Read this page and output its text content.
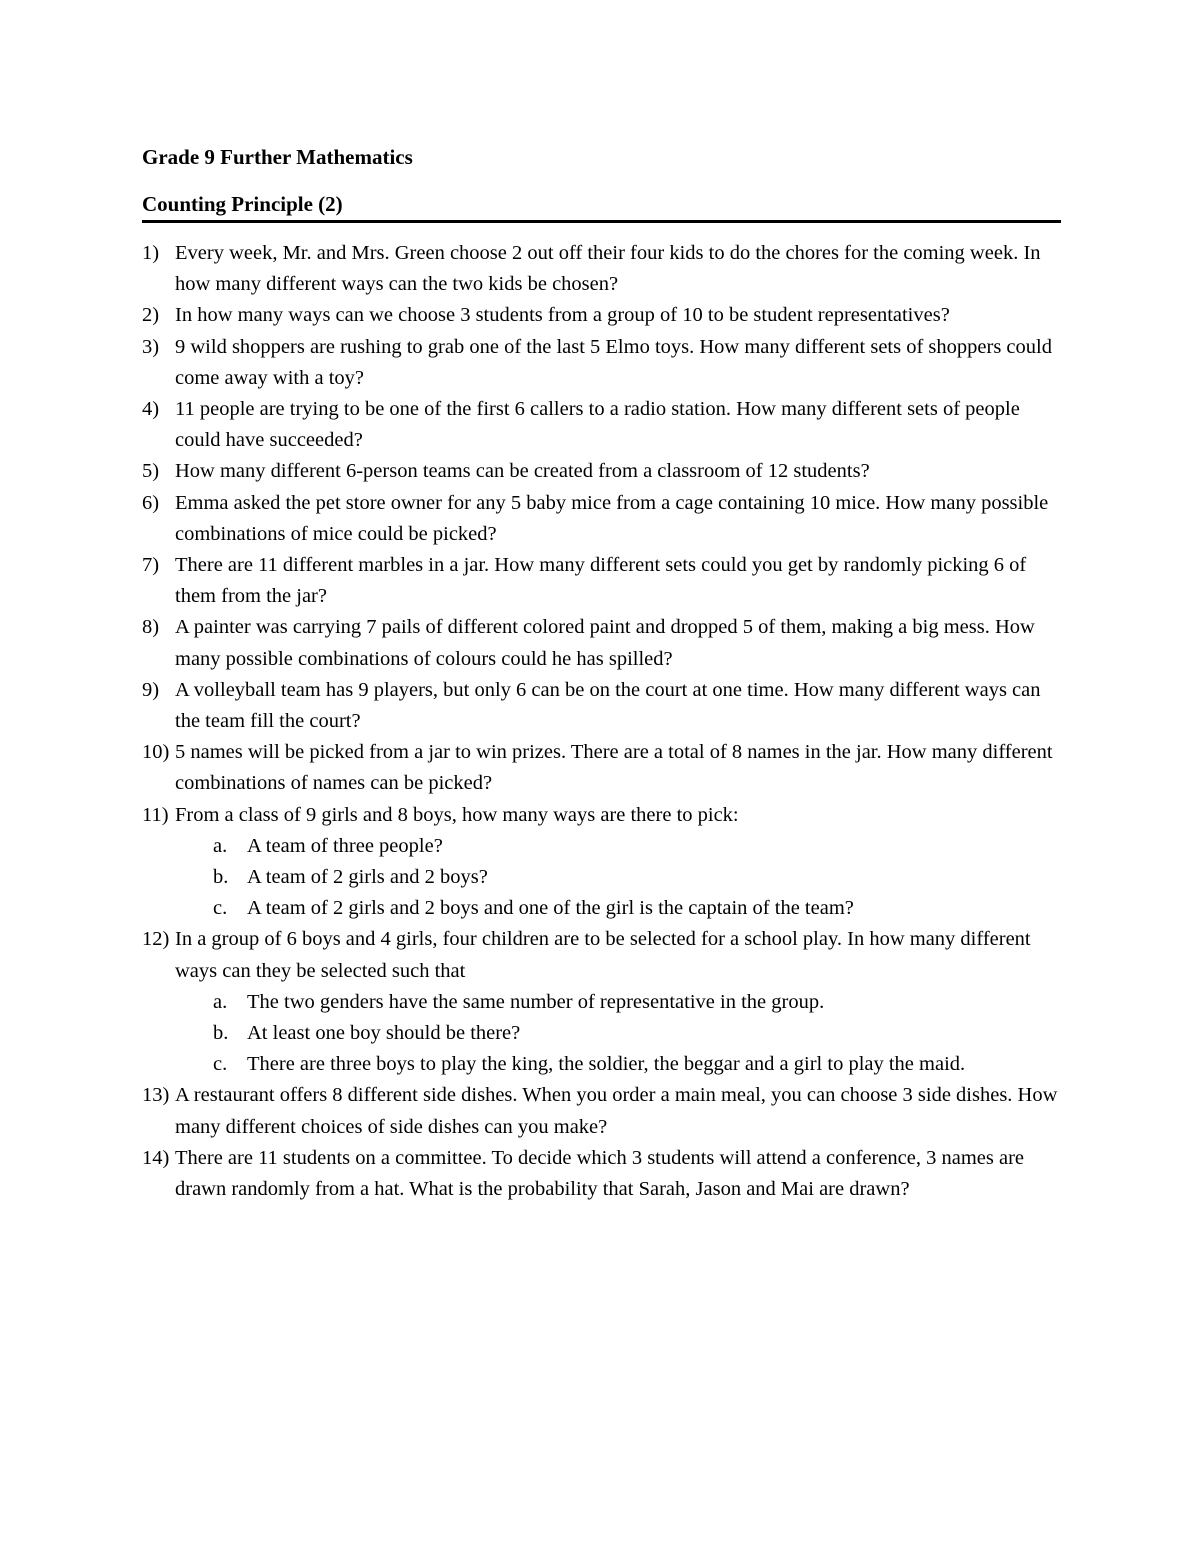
Grade 9 Further Mathematics
Counting Principle (2)
1) Every week, Mr. and Mrs. Green choose 2 out off their four kids to do the chores for the coming week. In how many different ways can the two kids be chosen?
2) In how many ways can we choose 3 students from a group of 10 to be student representatives?
3) 9 wild shoppers are rushing to grab one of the last 5 Elmo toys. How many different sets of shoppers could come away with a toy?
4) 11 people are trying to be one of the first 6 callers to a radio station. How many different sets of people could have succeeded?
5) How many different 6-person teams can be created from a classroom of 12 students?
6) Emma asked the pet store owner for any 5 baby mice from a cage containing 10 mice. How many possible combinations of mice could be picked?
7) There are 11 different marbles in a jar. How many different sets could you get by randomly picking 6 of them from the jar?
8) A painter was carrying 7 pails of different colored paint and dropped 5 of them, making a big mess. How many possible combinations of colours could he has spilled?
9) A volleyball team has 9 players, but only 6 can be on the court at one time. How many different ways can the team fill the court?
10) 5 names will be picked from a jar to win prizes. There are a total of 8 names in the jar. How many different combinations of names can be picked?
11) From a class of 9 girls and 8 boys, how many ways are there to pick:
a. A team of three people?
b. A team of 2 girls and 2 boys?
c. A team of 2 girls and 2 boys and one of the girl is the captain of the team?
12) In a group of 6 boys and 4 girls, four children are to be selected for a school play. In how many different ways can they be selected such that
a. The two genders have the same number of representative in the group.
b. At least one boy should be there?
c. There are three boys to play the king, the soldier, the beggar and a girl to play the maid.
13) A restaurant offers 8 different side dishes. When you order a main meal, you can choose 3 side dishes. How many different choices of side dishes can you make?
14) There are 11 students on a committee. To decide which 3 students will attend a conference, 3 names are drawn randomly from a hat. What is the probability that Sarah, Jason and Mai are drawn?
